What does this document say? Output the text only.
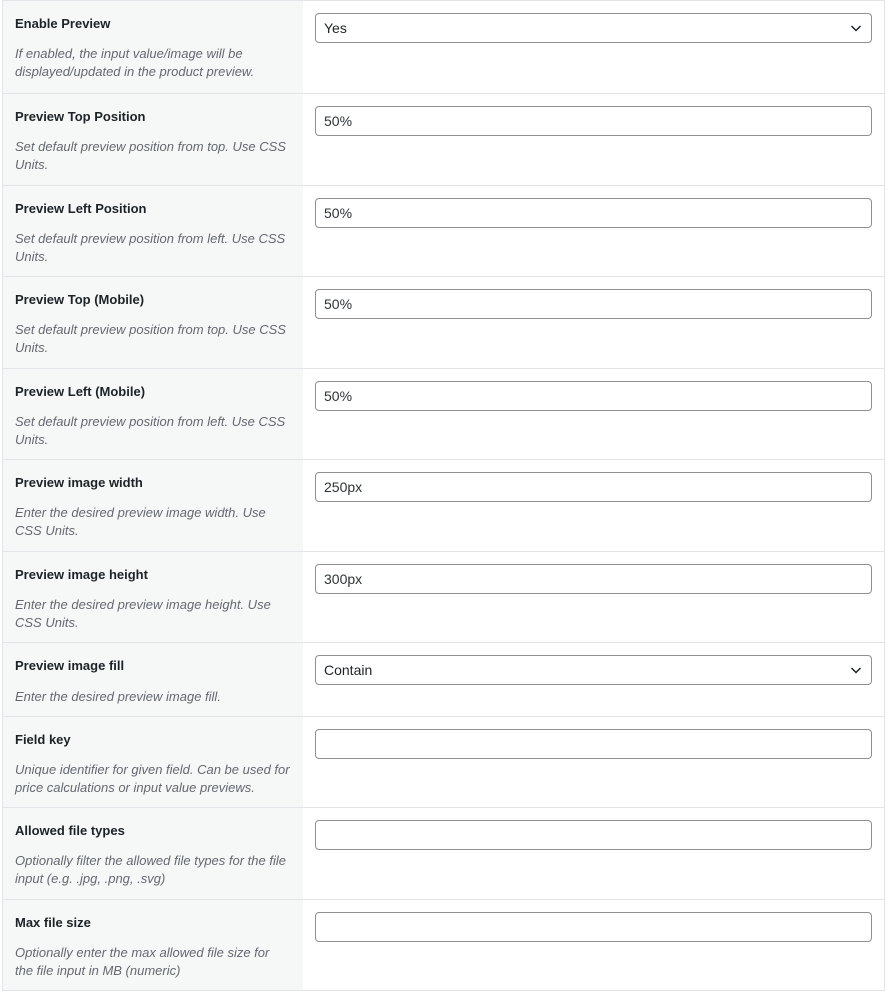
Enable Preview

If enabled, the input value/image will be displayed/updated in the product preview.

Yes

Preview Top Position

Set default preview position from top. Use CSS Units.

50%

Preview Left Position

Set default preview position from left. Use CSS Units.

50%

Preview Top (Mobile)

Set default preview position from top. Use CSS Units.

50%

Preview Left (Mobile)

Set default preview position from left. Use CSS Units.

50%

Preview image width

Enter the desired preview image width. Use CSS Units.

250px

Preview image height

Enter the desired preview image height. Use CSS Units.

300px

Preview image fill

Enter the desired preview image fill.

Contain

Field key

Unique identifier for given field. Can be used for price calculations or input value previews.

Allowed file types

Optionally filter the allowed file types for the file input (e.g. .jpg, .png, .svg)

Max file size

Optionally enter the max allowed file size for the file input in MB (numeric)
